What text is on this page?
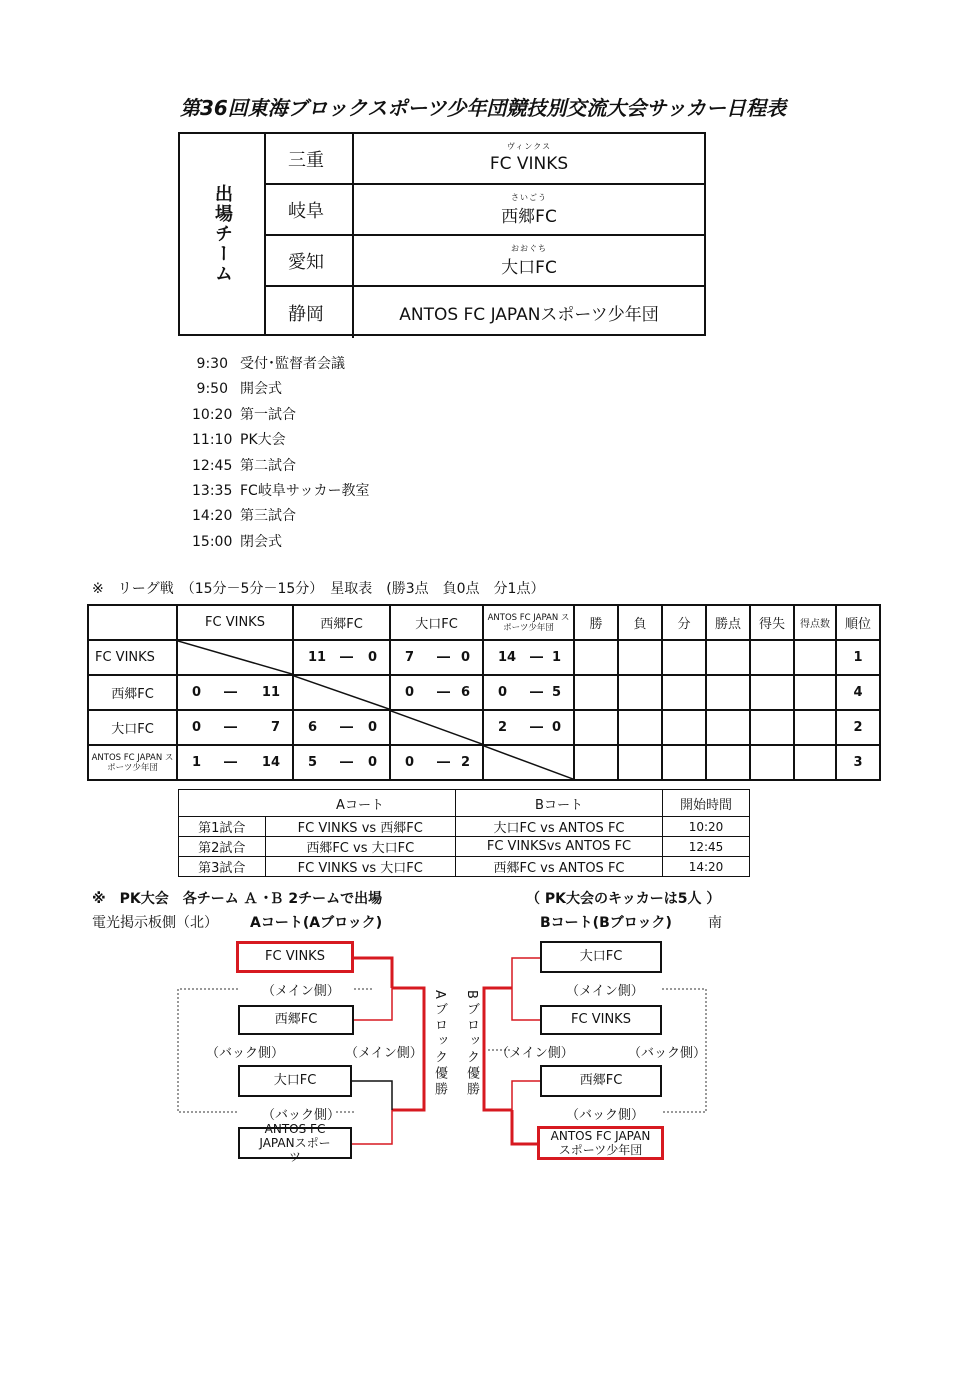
第36回東海ブロックスポーツ少年団競技別交流大会サッカー日程表
出場チーム
三重
ヴィンクス
FC VINKS
岐阜
さいごう
西郷FC
愛知
おおぐち
大口FC
静岡	ANTOS FC JAPANスポーツ少年団
9:30 受付･監督者会議
9:50 開会式
10:20 第一試合
11:10 PK大会
12:45 第二試合
13:35 FC岐阜サッカー教室
14:20 第三試合
15:00 閉会式
※　リーグ戦　（15分－5分－15分）　星取表　(勝3点　負0点　分1点）
	FC VINKS	西郷FC	大口FC	ANTOS FC JAPAN スポーツ少年団	勝	負	分	勝点	得失	得点数	順位
FC VINKS		11 ― 0	7 ― 0	14 ― 1							1
西郷FC	0 ― 11		0 ― 6	0 ― 5							4
大口FC	0 ― 7	6 ― 0		2 ― 0							2
ANTOS FC JAPAN スポーツ少年団	1 ― 14	5 ― 0	0 ― 2								3
	Aコート	Bコート	開始時間
第1試合	FC VINKS vs 西郷FC	大口FC vs ANTOS FC	10:20
第2試合	西郷FC vs 大口FC	FC VINKSvs ANTOS FC	12:45
第3試合	FC VINKS vs 大口FC	西郷FC vs ANTOS FC	14:20
※　PK大会　各チーム Ａ ･Ｂ 2チームで出場	（ PK大会のキッカーは5人 ）
電光掲示板側（北） Aコート(Aブロック)	Bコート(Bブロック)	南
FC VINKS
（メイン側）
西郷FC
（バック側）	（メイン側）
大口FC
（バック側）
ANTOS FC JAPANスポーツ
Aブロック優勝 Bブロック優勝
大口FC
（メイン側）
FC VINKS
（メイン側）	（バック側）
西郷FC
（バック側）
ANTOS FC JAPAN スポーツ少年団
